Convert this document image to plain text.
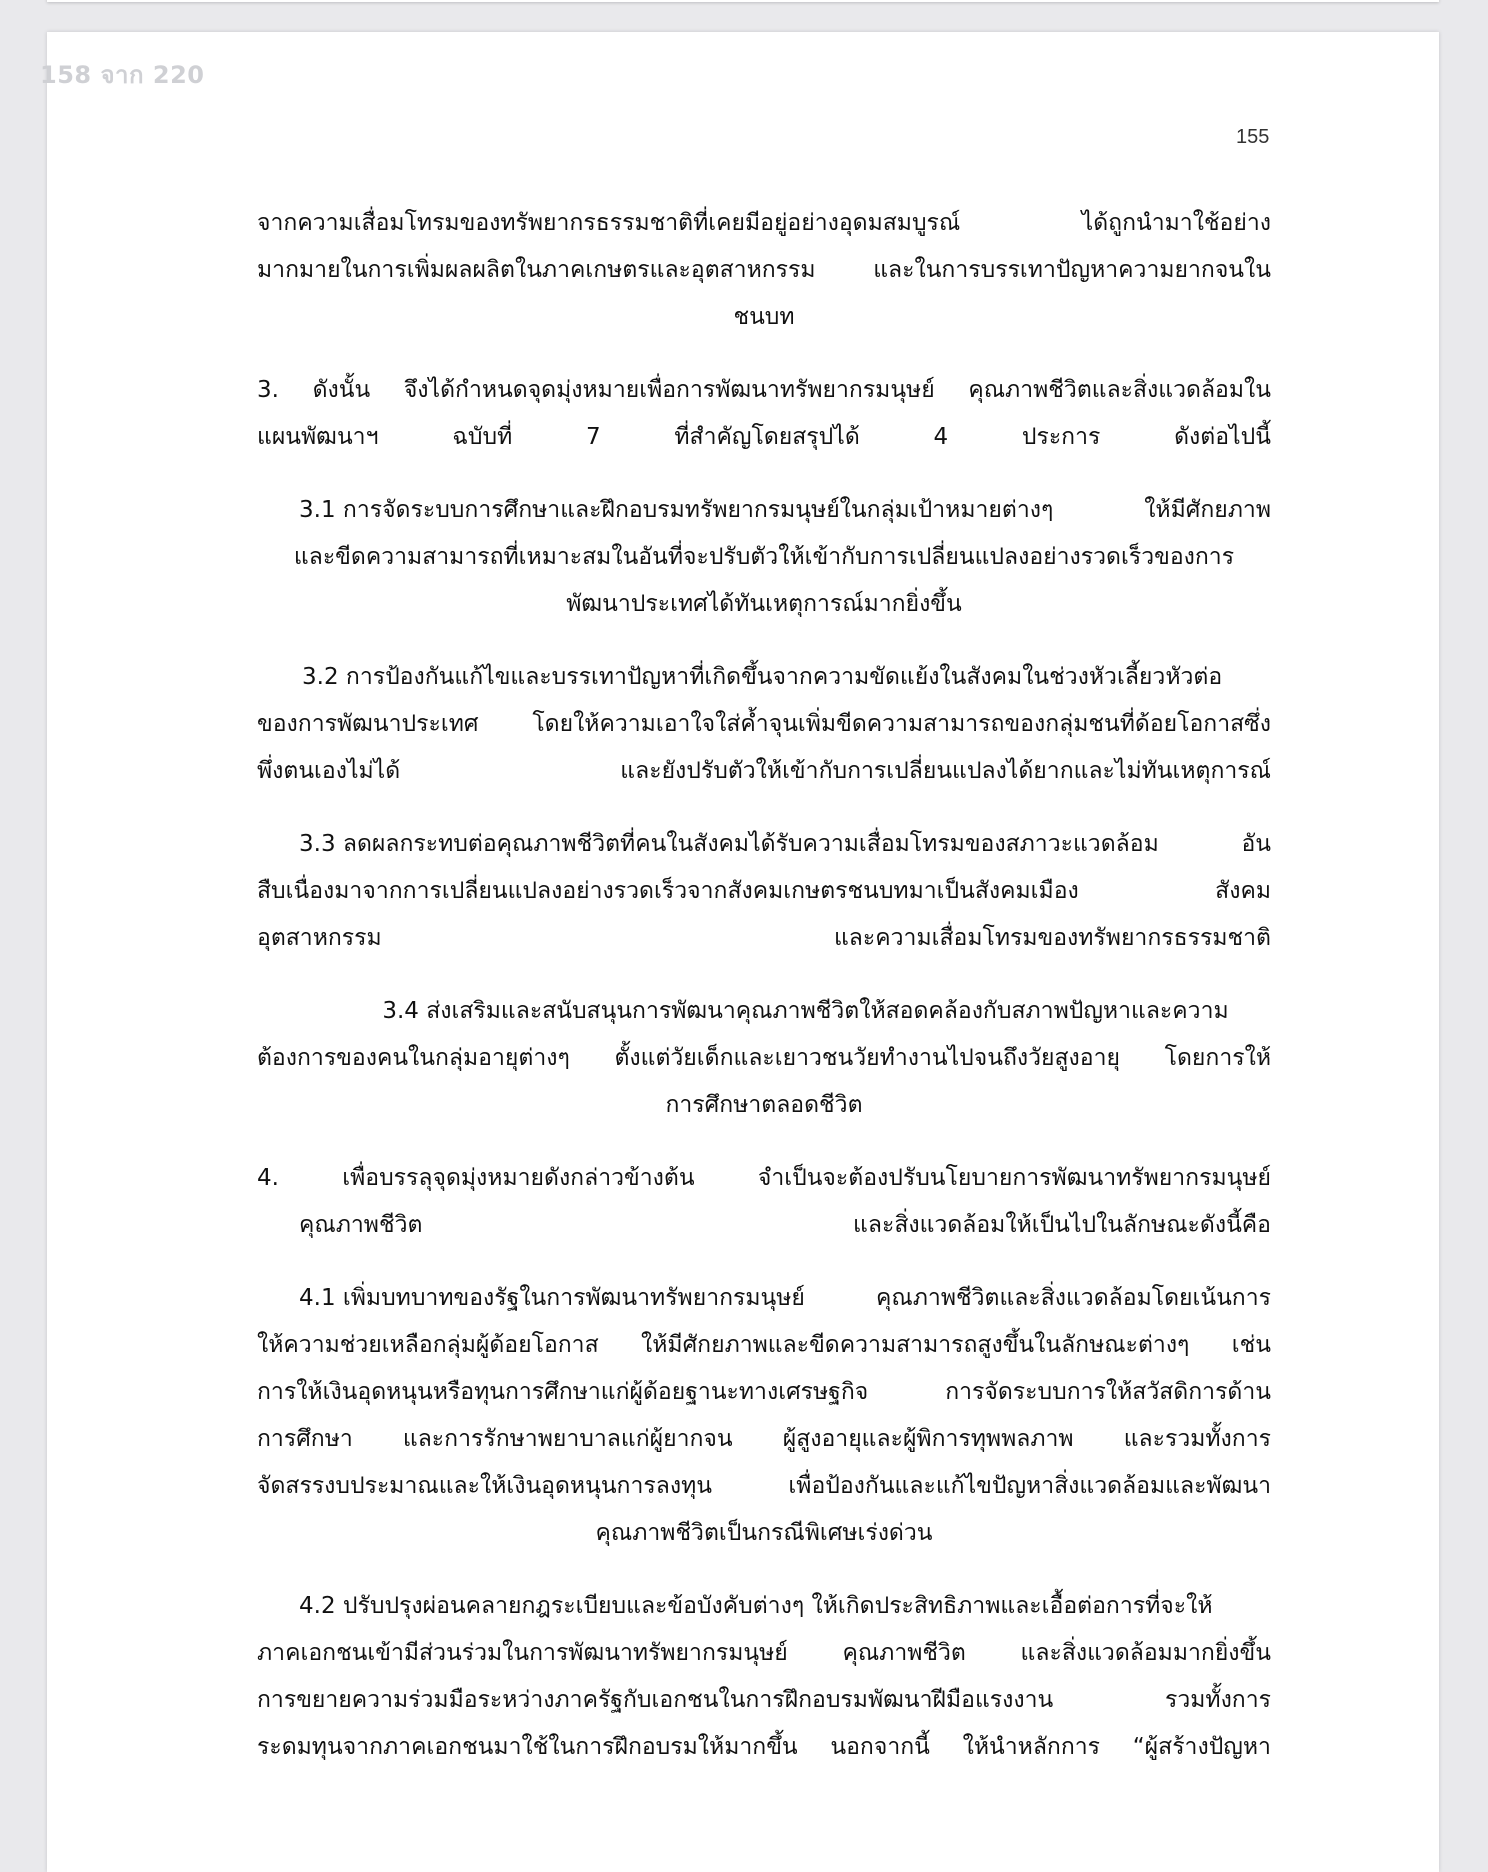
158 จาก 220
155
จากความเสื่อมโทรมของทรัพยากรธรรมชาติที่เคยมีอยู่อย่างอุดมสมบูรณ์	ได้ถูกนำมาใช้อย่าง
มากมายในการเพิ่มผลผลิตในภาคเกษตรและอุตสาหกรรม	และในการบรรเทาปัญหาความยากจนใน
ชนบท
3. ดังนั้น จึงได้กำหนดจุดมุ่งหมายเพื่อการพัฒนาทรัพยากรมนุษย์ คุณภาพชีวิตและสิ่งแวดล้อมใน
แผนพัฒนาฯ	ฉบับที่	7	ที่สำคัญโดยสรุปได้	4	ประการ	ดังต่อไปนี้
3.1 การจัดระบบการศึกษาและฝึกอบรมทรัพยากรมนุษย์ในกลุ่มเป้าหมายต่างๆ	ให้มีศักยภาพ
และขีดความสามารถที่เหมาะสมในอันที่จะปรับตัวให้เข้ากับการเปลี่ยนแปลงอย่างรวดเร็วของการ
พัฒนาประเทศได้ทันเหตุการณ์มากยิ่งขึ้น
3.2 การป้องกันแก้ไขและบรรเทาปัญหาที่เกิดขึ้นจากความขัดแย้งในสังคมในช่วงหัวเลี้ยวหัวต่อ
ของการพัฒนาประเทศ โดยให้ความเอาใจใส่ค้ำจุนเพิ่มขีดความสามารถของกลุ่มชนที่ด้อยโอกาสซึ่ง
พึ่งตนเองไม่ได้	และยังปรับตัวให้เข้ากับการเปลี่ยนแปลงได้ยากและไม่ทันเหตุการณ์
3.3 ลดผลกระทบต่อคุณภาพชีวิตที่คนในสังคมได้รับความเสื่อมโทรมของสภาวะแวดล้อม	อัน
สืบเนื่องมาจากการเปลี่ยนแปลงอย่างรวดเร็วจากสังคมเกษตรชนบทมาเป็นสังคมเมือง	สังคม
อุตสาหกรรม	และความเสื่อมโทรมของทรัพยากรธรรมชาติ
3.4 ส่งเสริมและสนับสนุนการพัฒนาคุณภาพชีวิตให้สอดคล้องกับสภาพปัญหาและความ
ต้องการของคนในกลุ่มอายุต่างๆ ตั้งแต่วัยเด็กและเยาวชนวัยทำงานไปจนถึงวัยสูงอายุ โดยการให้
การศึกษาตลอดชีวิต
4.	เพื่อบรรลุจุดมุ่งหมายดังกล่าวข้างต้น	จำเป็นจะต้องปรับนโยบายการพัฒนาทรัพยากรมนุษย์
คุณภาพชีวิต	และสิ่งแวดล้อมให้เป็นไปในลักษณะดังนี้คือ
4.1 เพิ่มบทบาทของรัฐในการพัฒนาทรัพยากรมนุษย์	คุณภาพชีวิตและสิ่งแวดล้อมโดยเน้นการ
ให้ความช่วยเหลือกลุ่มผู้ด้อยโอกาส ให้มีศักยภาพและขีดความสามารถสูงขึ้นในลักษณะต่างๆ เช่น
การให้เงินอุดหนุนหรือทุนการศึกษาแก่ผู้ด้อยฐานะทางเศรษฐกิจ	การจัดระบบการให้สวัสดิการด้าน
การศึกษา และการรักษาพยาบาลแก่ผู้ยากจน ผู้สูงอายุและผู้พิการทุพพลภาพ และรวมทั้งการ
จัดสรรงบประมาณและให้เงินอุดหนุนการลงทุน	เพื่อป้องกันและแก้ไขปัญหาสิ่งแวดล้อมและพัฒนา
คุณภาพชีวิตเป็นกรณีพิเศษเร่งด่วน
4.2 ปรับปรุงผ่อนคลายกฎระเบียบและข้อบังคับต่างๆ ให้เกิดประสิทธิภาพและเอื้อต่อการที่จะให้
ภาคเอกชนเข้ามีส่วนร่วมในการพัฒนาทรัพยากรมนุษย์ คุณภาพชีวิต และสิ่งแวดล้อมมากยิ่งขึ้น
การขยายความร่วมมือระหว่างภาครัฐกับเอกชนในการฝึกอบรมพัฒนาฝีมือแรงงาน	รวมทั้งการ
ระดมทุนจากภาคเอกชนมาใช้ในการฝึกอบรมให้มากขึ้น นอกจากนี้ ให้นำหลักการ “ผู้สร้างปัญหา
